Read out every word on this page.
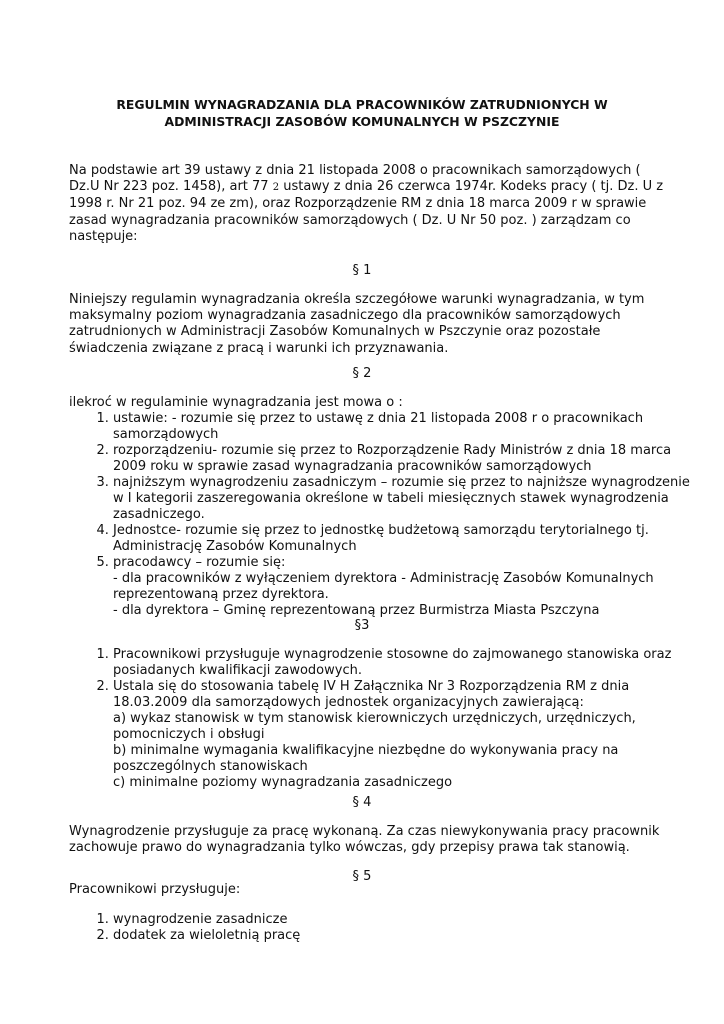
REGULMIN WYNAGRADZANIA DLA PRACOWNIKÓW ZATRUDNIONYCH W
ADMINISTRACJI ZASOBÓW KOMUNALNYCH W PSZCZYNIE

Na podstawie art 39 ustawy z dnia 21 listopada 2008 o pracownikach samorządowych ( Dz.U Nr 223 poz. 1458), art 77 2 ustawy z dnia 26 czerwca 1974r. Kodeks pracy ( tj. Dz. U z 1998 r. Nr 21 poz. 94 ze zm), oraz Rozporządzenie RM z dnia 18 marca 2009 r w sprawie zasad wynagradzania pracowników samorządowych ( Dz. U Nr 50 poz. ) zarządzam co następuje:

§ 1

Niniejszy regulamin wynagradzania określa szczegółowe warunki wynagradzania, w tym maksymalny poziom wynagradzania zasadniczego dla pracowników samorządowych zatrudnionych w Administracji Zasobów Komunalnych w Pszczynie oraz pozostałe świadczenia związane z pracą i warunki ich przyznawania.

§ 2

ilekroć w regulaminie wynagradzania jest mowa o :

1. ustawie: - rozumie się przez to ustawę z dnia 21 listopada 2008 r o pracownikach samorządowych
2. rozporządzeniu- rozumie się przez to Rozporządzenie Rady Ministrów z dnia 18 marca 2009 roku w sprawie zasad wynagradzania pracowników samorządowych
3. najniższym wynagrodzeniu zasadniczym – rozumie się przez to najniższe wynagrodzenie w I kategorii zaszeregowania określone w tabeli miesięcznych stawek wynagrodzenia zasadniczego.
4. Jednostce- rozumie się przez to jednostkę budżetową samorządu terytorialnego tj. Administrację Zasobów Komunalnych
5. pracodawcy – rozumie się:
- dla pracowników z wyłączeniem dyrektora - Administrację Zasobów Komunalnych reprezentowaną przez dyrektora.
- dla dyrektora – Gminę reprezentowaną przez Burmistrza Miasta Pszczyna
§3
1. Pracownikowi przysługuje wynagrodzenie stosowne do zajmowanego stanowiska oraz posiadanych kwalifikacji zawodowych.
2. Ustala się do stosowania tabelę IV H Załącznika Nr 3 Rozporządzenia RM z dnia 18.03.2009 dla samorządowych jednostek organizacyjnych zawierającą:
a) wykaz stanowisk w tym stanowisk kierowniczych urzędniczych, urzędniczych, pomocniczych i obsługi
b) minimalne wymagania kwalifikacyjne niezbędne do wykonywania pracy na poszczególnych stanowiskach
c) minimalne poziomy wynagradzania zasadniczego
§ 4

Wynagrodzenie przysługuje za pracę wykonaną. Za czas niewykonywania pracy pracownik zachowuje prawo do wynagradzania tylko wówczas, gdy przepisy prawa tak stanowią.

§ 5

Pracownikowi przysługuje:

1. wynagrodzenie zasadnicze
2. dodatek za wieloletnią pracę
